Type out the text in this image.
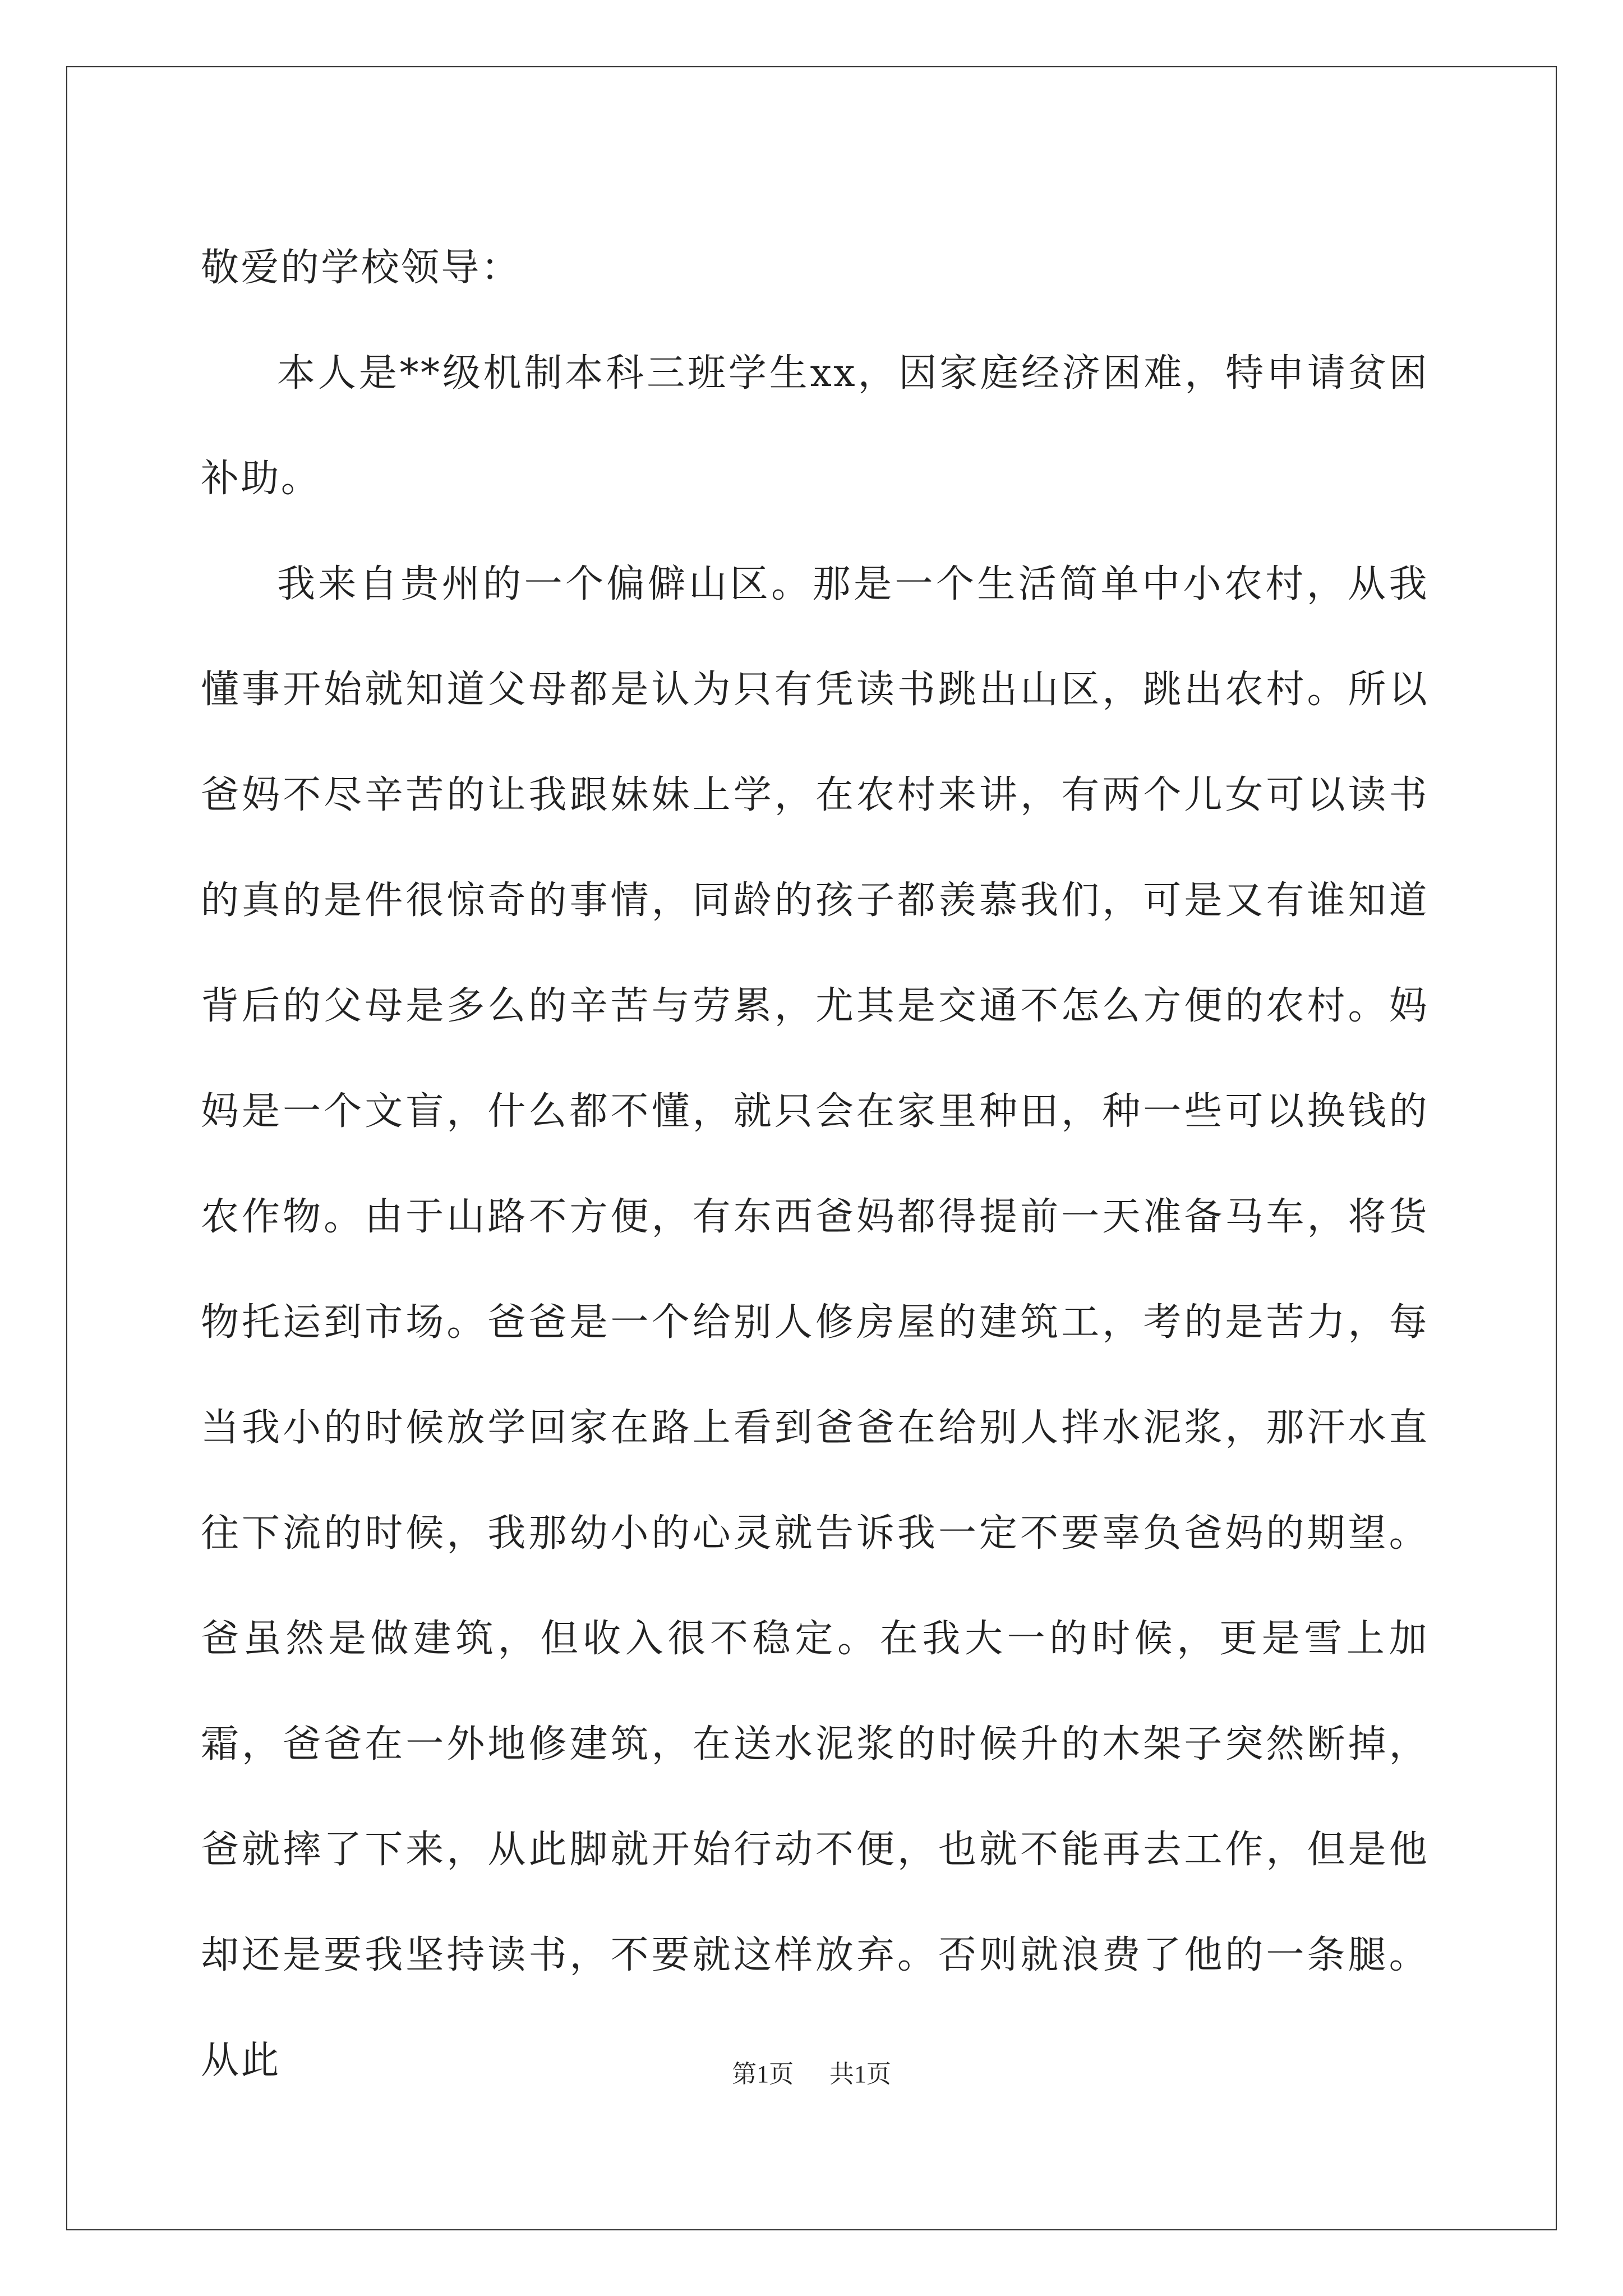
敬爱的学校领导：

本人是**级机制本科三班学生xx，因家庭经济困难，特申请贫困补助。

我来自贵州的一个偏僻山区。那是一个生活简单中小农村，从我懂事开始就知道父母都是认为只有凭读书跳出山区，跳出农村。所以爸妈不尽辛苦的让我跟妹妹上学，在农村来讲，有两个儿女可以读书的真的是件很惊奇的事情，同龄的孩子都羡慕我们，可是又有谁知道背后的父母是多么的辛苦与劳累，尤其是交通不怎么方便的农村。妈妈是一个文盲，什么都不懂，就只会在家里种田，种一些可以换钱的农作物。由于山路不方便，有东西爸妈都得提前一天准备马车，将货物托运到市场。爸爸是一个给别人修房屋的建筑工，考的是苦力，每当我小的时候放学回家在路上看到爸爸在给别人拌水泥浆，那汗水直往下流的时候，我那幼小的心灵就告诉我一定不要辜负爸妈的期望。爸虽然是做建筑，但收入很不稳定。在我大一的时候，更是雪上加霜，爸爸在一外地修建筑，在送水泥浆的时候升的木架子突然断掉，爸就摔了下来，从此脚就开始行动不便，也就不能再去工作，但是他却还是要我坚持读书，不要就这样放弃。否则就浪费了他的一条腿。从此	第1页 共1页
